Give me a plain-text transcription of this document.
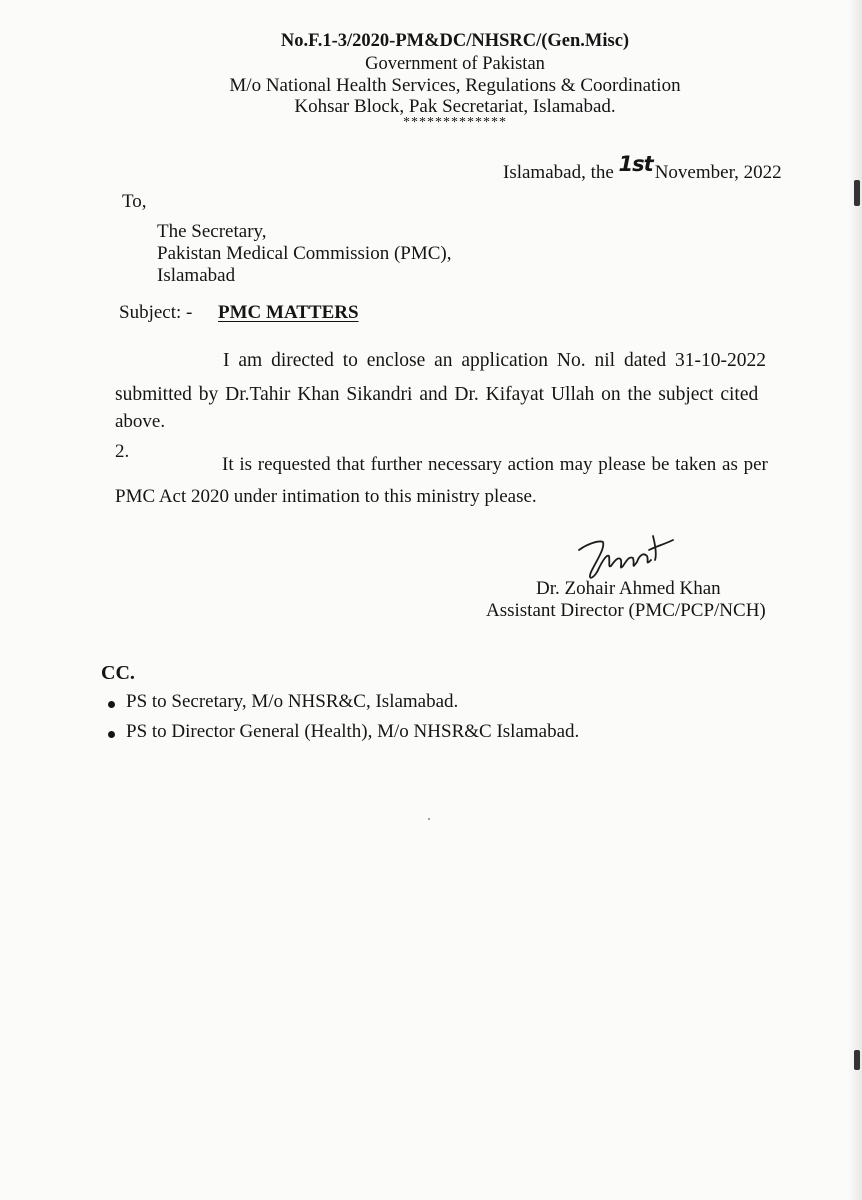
No.F.1-3/2020-PM&DC/NHSRC/(Gen.Misc)
Government of Pakistan
M/o National Health Services, Regulations & Coordination
Kohsar Block, Pak Secretariat, Islamabad.
*************
Islamabad, the 1st November, 2022
To,
The Secretary,
Pakistan Medical Commission (PMC),
Islamabad
Subject: - PMC MATTERS
I am directed to enclose an application No. nil dated 31-10-2022
submitted by Dr.Tahir Khan Sikandri and Dr. Kifayat Ullah on the subject cited
above.
2.
It is requested that further necessary action may please be taken as per
PMC Act 2020 under intimation to this ministry please.
Dr. Zohair Ahmed Khan
Assistant Director (PMC/PCP/NCH)
CC.
PS to Secretary, M/o NHSR&C, Islamabad.
PS to Director General (Health), M/o NHSR&C Islamabad.
